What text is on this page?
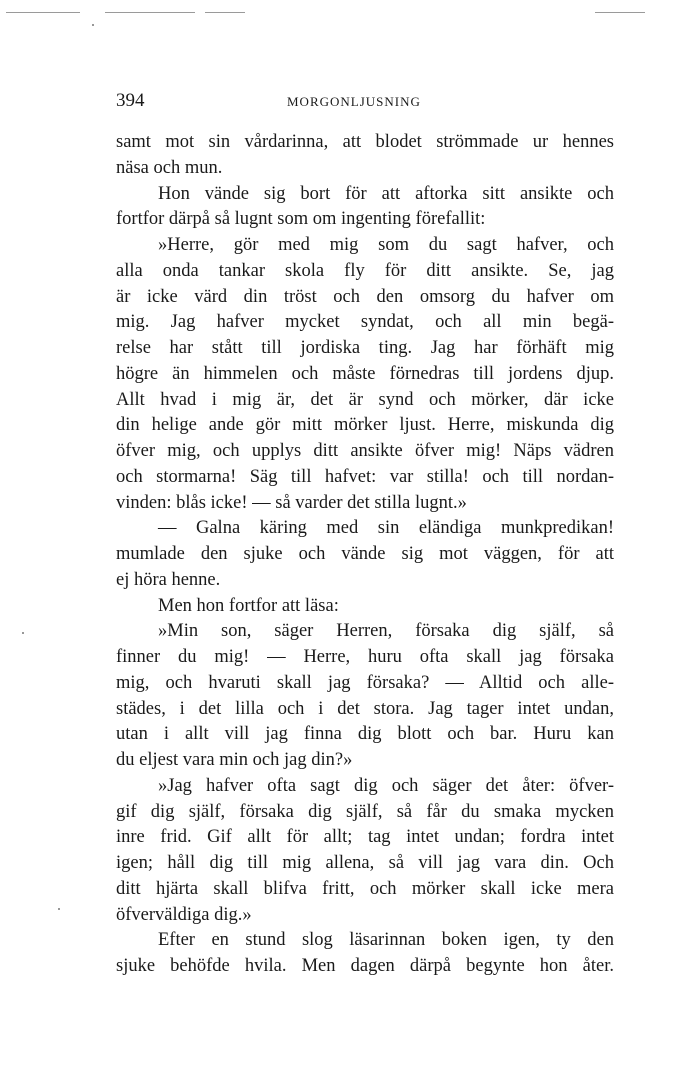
394	MORGONLJUSNING
samt mot sin vårdarinna, att blodet strömmade ur hennes
näsa och mun.
Hon vände sig bort för att aftorka sitt ansikte och
fortfor därpå så lugnt som om ingenting förefallit:
»Herre, gör med mig som du sagt hafver, och
alla onda tankar skola fly för ditt ansikte. Se, jag
är icke värd din tröst och den omsorg du hafver om
mig. Jag hafver mycket syndat, och all min begä-
relse har stått till jordiska ting. Jag har förhäft mig
högre än himmelen och måste förnedras till jordens djup.
Allt hvad i mig är, det är synd och mörker, där icke
din helige ande gör mitt mörker ljust. Herre, miskunda dig
öfver mig, och upplys ditt ansikte öfver mig! Näps vädren
och stormarna! Säg till hafvet: var stilla! och till nordan-
vinden: blås icke! — så varder det stilla lugnt.»
— Galna käring med sin eländiga munkpredikan!
mumlade den sjuke och vände sig mot väggen, för att
ej höra henne.
Men hon fortfor att läsa:
»Min son, säger Herren, försaka dig själf, så
finner du mig! — Herre, huru ofta skall jag försaka
mig, och hvaruti skall jag försaka? — Alltid och alle-
städes, i det lilla och i det stora. Jag tager intet undan,
utan i allt vill jag finna dig blott och bar. Huru kan
du eljest vara min och jag din?»
»Jag hafver ofta sagt dig och säger det åter: öfver-
gif dig själf, försaka dig själf, så får du smaka mycken
inre frid. Gif allt för allt; tag intet undan; fordra intet
igen; håll dig till mig allena, så vill jag vara din. Och
ditt hjärta skall blifva fritt, och mörker skall icke mera
öfverväldiga dig.»
Efter en stund slog läsarinnan boken igen, ty den
sjuke behöfde hvila. Men dagen därpå begynte hon åter.
